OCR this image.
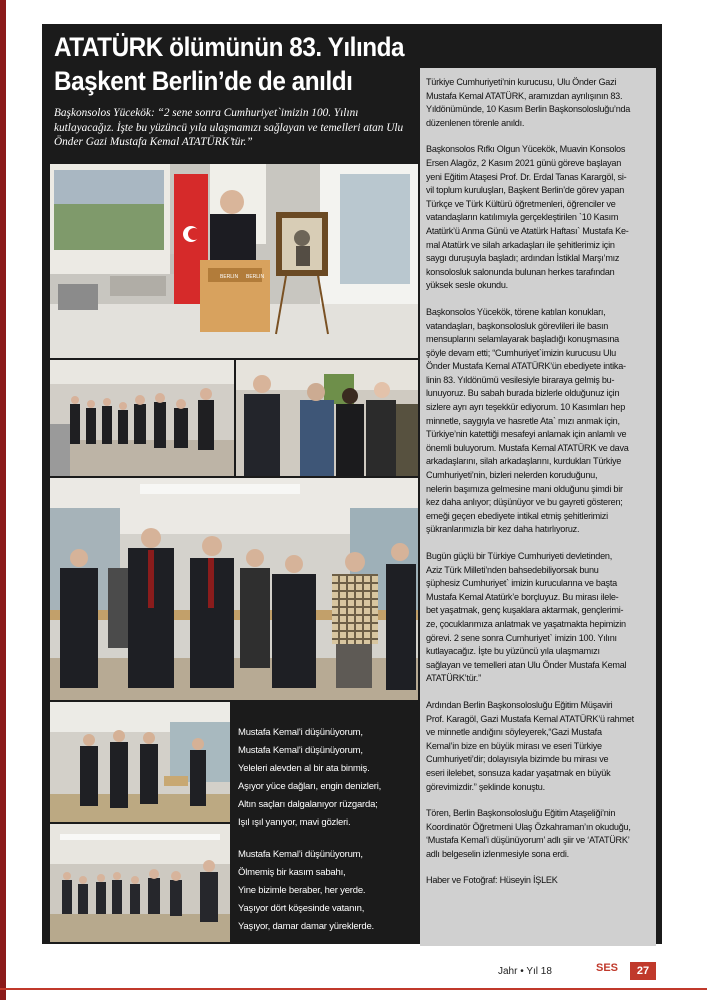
ATATÜRK ölümünün 83. Yılında
Başkent Berlin’de de anıldı
Başkonsolos Yücekök: “2 sene sonra Cumhuriyet`imizin 100. Yılını kutlayacağız. İşte bu yüzüncü yıla ulaşmamızı sağlayan ve temelleri atan Ulu Önder Gazi Mustafa Kemal ATATÜRK’tür.”
BERLIN BERLIN
Mustafa Kemal’i düşünüyorum,
Mustafa Kemal’i düşünüyorum,
Yeleleri alevden al bir ata binmiş.
Aşıyor yüce dağları, engin denizleri,
Altın saçları dalgalanıyor rüzgarda;
Işıl ışıl yanıyor, mavi gözleri.
Mustafa Kemal’i düşünüyorum,
Ölmemiş bir kasım sabahı,
Yine bizimle beraber, her yerde.
Yaşıyor dört köşesinde vatanın,
Yaşıyor, damar damar yüreklerde.
Türkiye Cumhuriyeti’nin kurucusu, Ulu Önder Gazi
Mustafa Kemal ATATÜRK, aramızdan ayrılışının 83.
Yıldönümünde, 10 Kasım Berlin Başkonsolosluğu’nda
düzenlenen törenle anıldı.
Başkonsolos Rıfkı Olgun Yücekök, Muavin Konsolos
Ersen Alagöz, 2 Kasım 2021 günü göreve başlayan
yeni Eğitim Ataşesi Prof. Dr. Erdal Tanas Karargöl, si-
vil toplum kuruluşları, Başkent Berlin’de görev yapan
Türkçe ve Türk Kültürü öğretmenleri, öğrenciler ve
vatandaşların katılımıyla gerçekleştirilen `10 Kasım
Atatürk’ü Anma Günü ve Atatürk Haftası` Mustafa Ke-
mal Atatürk ve silah arkadaşları ile şehitlerimiz için
saygı duruşuyla başladı; ardından İstiklal Marşı’mız
konsolosluk salonunda bulunan herkes tarafından
yüksek sesle okundu.
Başkonsolos Yücekök, törene katılan konukları,
vatandaşları, başkonsolosluk görevlileri ile basın
mensuplarını selamlayarak başladığı konuşmasına
şöyle devam etti; “Cumhuriyet`imizin kurucusu Ulu
Önder Mustafa Kemal ATATÜRK’ün ebediyete intika-
linin 83. Yıldönümü vesilesiyle biraraya gelmiş bu-
lunuyoruz. Bu sabah burada bizlerle olduğunuz için
sizlere ayrı ayrı teşekkür ediyorum. 10 Kasımları hep
minnetle, saygıyla ve hasretle Ata` mızı anmak için,
Türkiye’nin katettiği mesafeyi anlamak için anlamlı ve
önemli buluyorum. Mustafa Kemal ATATÜRK ve dava
arkadaşlarını, silah arkadaşlarını, kurdukları Türkiye
Cumhuriyeti’nin, bizleri nelerden koruduğunu,
nelerin başımıza gelmesine mani olduğunu şimdi bir
kez daha anlıyor; düşünüyor ve bu gayreti gösteren;
emeği geçen ebediyete intikal etmiş şehitlerimizi
şükranlarımızla bir kez daha hatırlıyoruz.
Bugün güçlü bir Türkiye Cumhuriyeti devletinden,
Aziz Türk Milleti’nden bahsedebiliyorsak bunu
şüphesiz Cumhuriyet` imizin kurucularına ve başta
Mustafa Kemal Atatürk’e borçluyuz. Bu mirası ilele-
bet yaşatmak, genç kuşaklara aktarmak, gençlerimi-
ze, çocuklarımıza anlatmak ve yaşatmakta hepimizin
görevi. 2 sene sonra Cumhuriyet` imizin 100. Yılını
kutlayacağız. İşte bu yüzüncü yıla ulaşmamızı
sağlayan ve temelleri atan Ulu Önder Mustafa Kemal
ATATÜRK’tür.”
Ardından Berlin Başkonsolosluğu Eğitim Müşaviri
Prof. Karagöl, Gazi Mustafa Kemal ATATÜRK’ü rahmet
ve minnetle andığını söyleyerek,“Gazi Mustafa
Kemal’in bize en büyük mirası ve eseri Türkiye
Cumhuriyeti’dir; dolayısıyla bizimde bu mirası ve
eseri ilelebet, sonsuza kadar yaşatmak en büyük
görevimizdir.” şeklinde konuştu.
Tören, Berlin Başkonsolosluğu Eğitim Ataşeliği’nin
Koordinatör Öğretmeni Ulaş Özkahraman’ın okuduğu,
‘Mustafa Kemal’i düşünüyorum’ adlı şiir ve ‘ATATÜRK’
adlı belgeselin izlenmesiyle sona erdi.
Haber ve Fotoğraf: Hüseyin İŞLEK
Jahr • Yıl 18	SES	27
